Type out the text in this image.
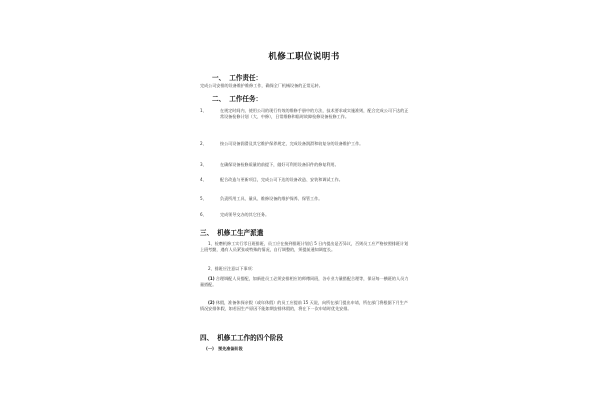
机修工职位说明书
一、 工作责任：
完成公司安排的设备维护维修工作，确保全厂机械设备的正常运转。
二、 工作任务：
1、	在规定时间内，使用公司的现行有效的维修手册中的方法，技术要求或实施准则，配合完成公司下达的正常设备检修计划（大、中修），日常维修和临时故障检修设备检修工作。
2、	按公司设备润滑及其它维护保养规定，完成设备润滑和较复杂的设备维护工作。
3、	在确保设备检修质量的前提下，做好可利用设备旧件的修复利用。
4、	配合改造与更新项目，完成公司下达的设备改造、安装和调试工作。
5、	负责所用工具、量具、维修设备的维护保养、保管工作。
6、	完成领导交办的其它任务。
三、 机修工生产派遣
1、检磨机修工实行零日班排班，员工应在接到排班计划后 5 日内提出是否异议，否则员工应严格按照排班计划上班考勤，遇有人员紧张或特殊的情况，自行调整的，须提前通知调度长。
2、排班应注意以下事项：
(1) 合理调配人员搭配，如新进员工必须安排相应的师傅同班，各专业力量搭配合理等，保证每一横班的人员力量搭配。
(2) 休假，准备休探亲假（或年休假）的员工应提前 15 天说，向所在部门提出申请，所在部门将根据下月生产情况安排休假，如若因生产原因不能如期安排休假的，将在下一次申请时优先安排。
四、 机修工工作的四个阶段
(一) 预先准备阶段
